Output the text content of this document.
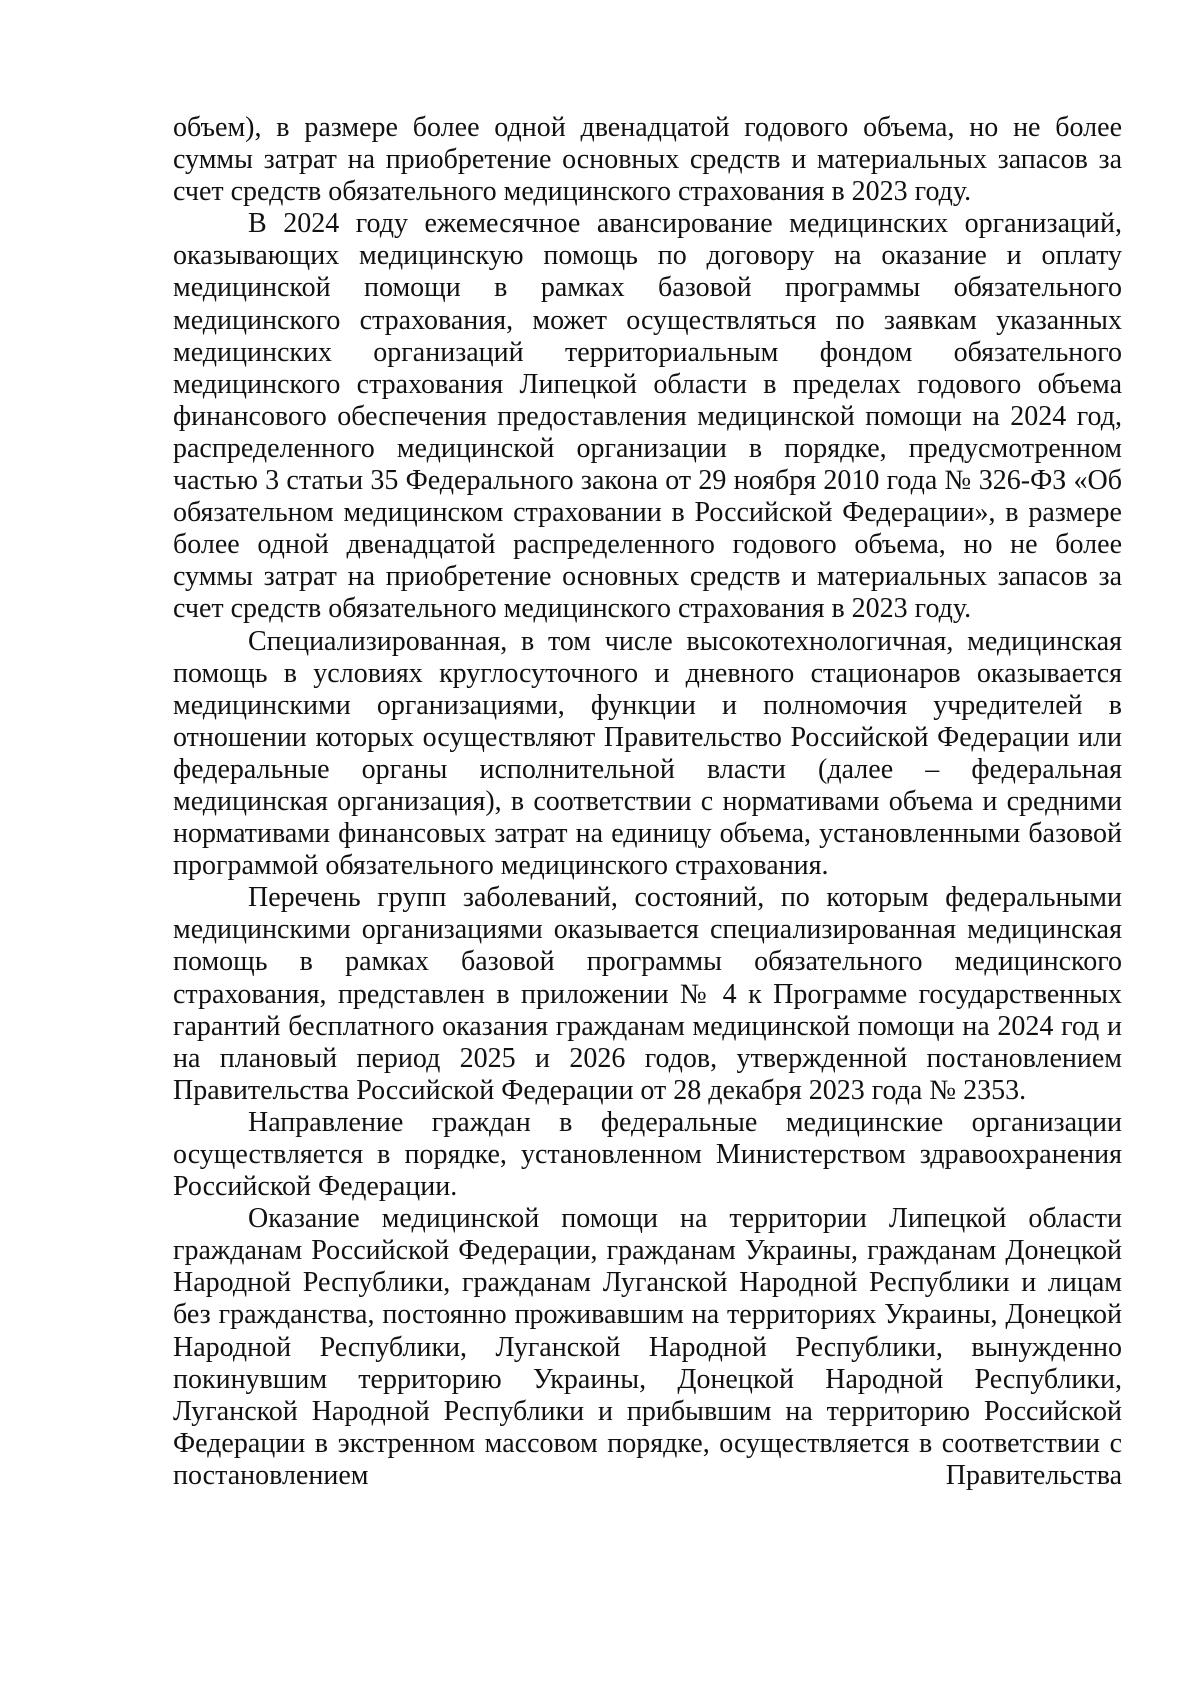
объем), в размере более одной двенадцатой годового объема, но не более суммы затрат на приобретение основных средств и материальных запасов за счет средств обязательного медицинского страхования в 2023 году.

В 2024 году ежемесячное авансирование медицинских организаций, оказывающих медицинскую помощь по договору на оказание и оплату медицинской помощи в рамках базовой программы обязательного медицинского страхования, может осуществляться по заявкам указанных медицинских организаций территориальным фондом обязательного медицинского страхования Липецкой области в пределах годового объема финансового обеспечения предоставления медицинской помощи на 2024 год, распределенного медицинской организации в порядке, предусмотренном частью 3 статьи 35 Федерального закона от 29 ноября 2010 года № 326-ФЗ «Об обязательном медицинском страховании в Российской Федерации», в размере более одной двенадцатой распределенного годового объема, но не более суммы затрат на приобретение основных средств и материальных запасов за счет средств обязательного медицинского страхования в 2023 году.

Специализированная, в том числе высокотехнологичная, медицинская помощь в условиях круглосуточного и дневного стационаров оказывается медицинскими организациями, функции и полномочия учредителей в отношении которых осуществляют Правительство Российской Федерации или федеральные органы исполнительной власти (далее – федеральная медицинская организация), в соответствии с нормативами объема и средними нормативами финансовых затрат на единицу объема, установленными базовой программой обязательного медицинского страхования.

Перечень групп заболеваний, состояний, по которым федеральными медицинскими организациями оказывается специализированная медицинская помощь в рамках базовой программы обязательного медицинского страхования, представлен в приложении № 4 к Программе государственных гарантий бесплатного оказания гражданам медицинской помощи на 2024 год и на плановый период 2025 и 2026 годов, утвержденной постановлением Правительства Российской Федерации от 28 декабря 2023 года № 2353.

Направление граждан в федеральные медицинские организации осуществляется в порядке, установленном Министерством здравоохранения Российской Федерации.

Оказание медицинской помощи на территории Липецкой области гражданам Российской Федерации, гражданам Украины, гражданам Донецкой Народной Республики, гражданам Луганской Народной Республики и лицам без гражданства, постоянно проживавшим на территориях Украины, Донецкой Народной Республики, Луганской Народной Республики, вынужденно покинувшим территорию Украины, Донецкой Народной Республики, Луганской Народной Республики и прибывшим на территорию Российской Федерации в экстренном массовом порядке, осуществляется в соответствии с постановлением Правительства
